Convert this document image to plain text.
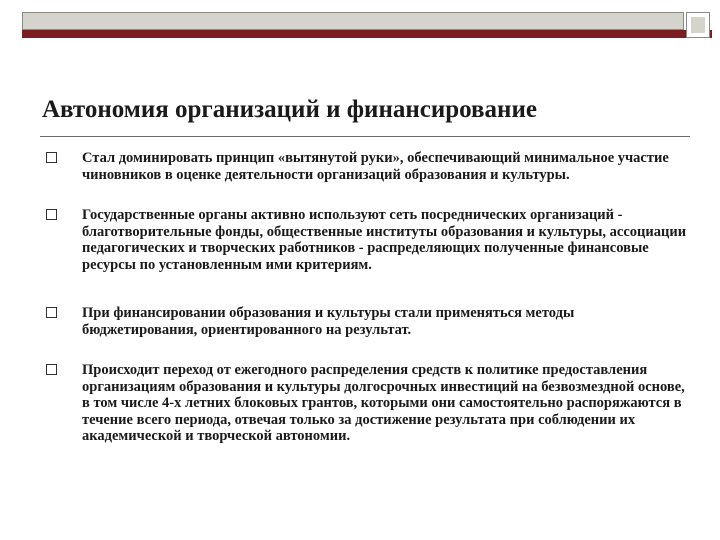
Автономия организаций и финансирование
Стал доминировать принцип «вытянутой руки», обеспечивающий минимальное участие чиновников в оценке деятельности организаций образования и культуры.
Государственные органы активно используют сеть посреднических организаций - благотворительные фонды, общественные институты образования и культуры, ассоциации педагогических и творческих работников - распределяющих полученные финансовые ресурсы по установленным ими критериям.
При финансировании образования и культуры стали применяться методы бюджетирования, ориентированного на результат.
Происходит переход от ежегодного распределения средств к политике предоставления организациям образования и культуры долгосрочных инвестиций на безвозмездной основе, в том числе 4-х летних блоковых грантов, которыми они самостоятельно распоряжаются в течение всего периода, отвечая только за достижение результата при соблюдении их академической и творческой автономии.
